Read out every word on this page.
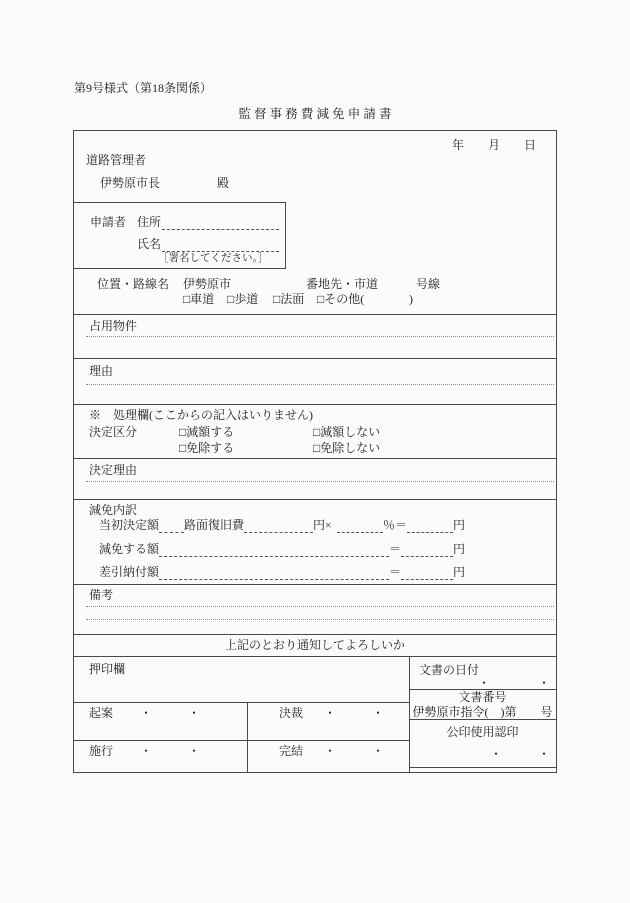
第9号様式（第18条関係）
監 督 事 務 費 減 免 申 請 書
年　　月　　日
道路管理者
伊勢原市長	殿
申請者 住所
氏名
［署名してください。］
位置・路線名 伊勢原市	番地先・市道	号線
□車道 □歩道 □法面 □その他(	)
占用物件
理由
※　処理欄(ここからの記入はいりません)
決定区分	□減額する	□減額しない
□免除する	□免除しない
決定理由
減免内訳
当初決定額 路面復旧費	円×	％＝	円
減免する額	＝	円
差引納付額	＝	円
備考
上記のとおり通知してよろしいか
押印欄
起案 ・　　　・	決裁 ・　　　・
施行 ・　　　・	完結 ・　　　・
文書の日付
・　　　　・
文書番号
伊勢原市指令(　)第　　号
公印使用認印
・　　　・
